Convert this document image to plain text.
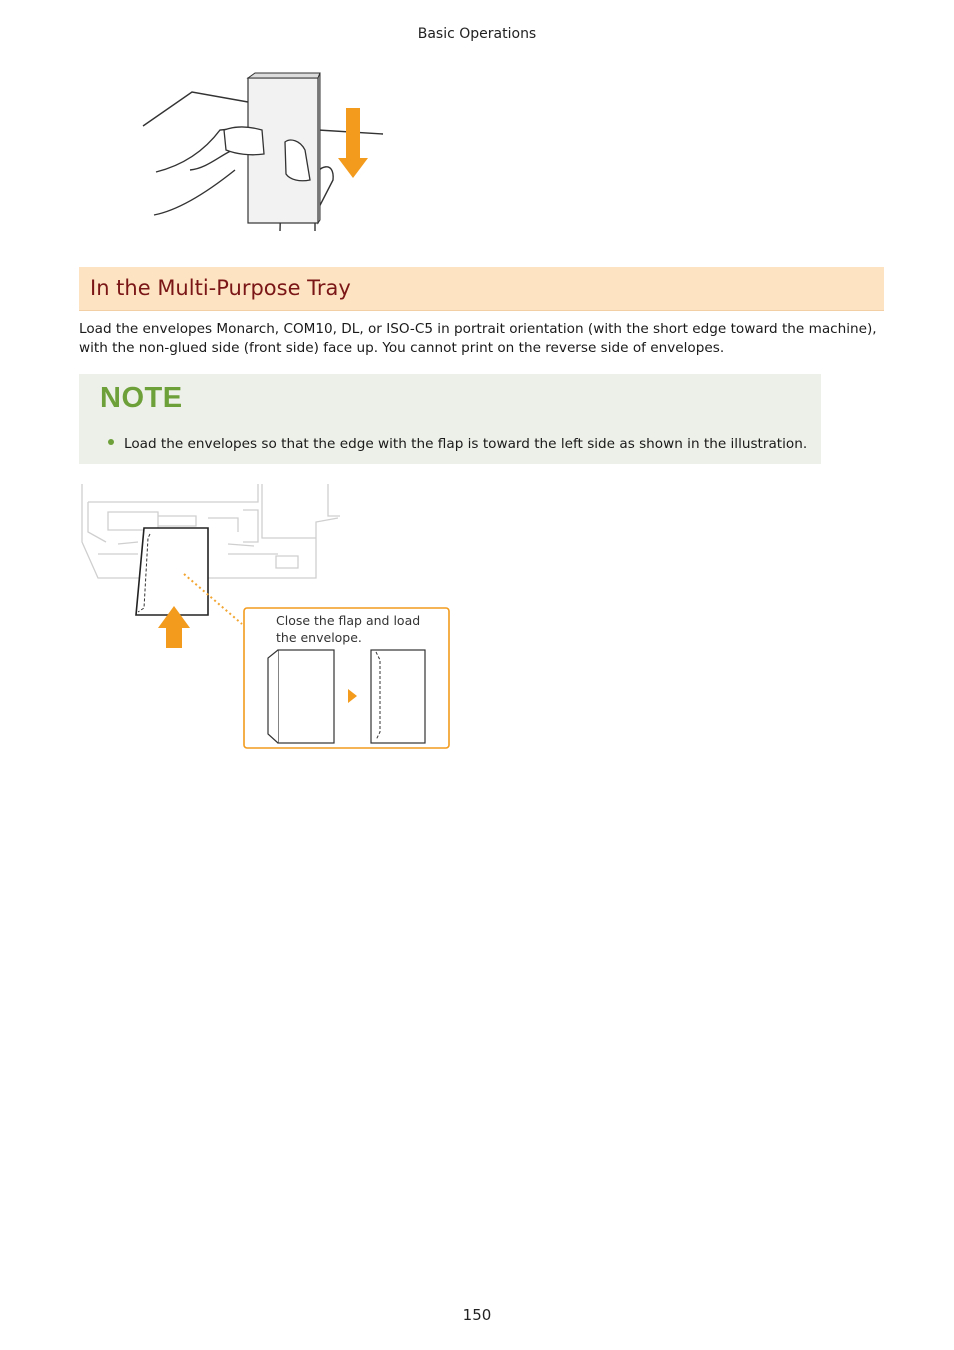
Basic Operations
In the Multi-Purpose Tray
Load the envelopes Monarch, COM10, DL, or ISO-C5 in portrait orientation (with the short edge toward the machine),
with the non-glued side (front side) face up. You cannot print on the reverse side of envelopes.
NOTE
Load the envelopes so that the edge with the flap is toward the left side as shown in the illustration.
Close the flap and load
the envelope.
150
